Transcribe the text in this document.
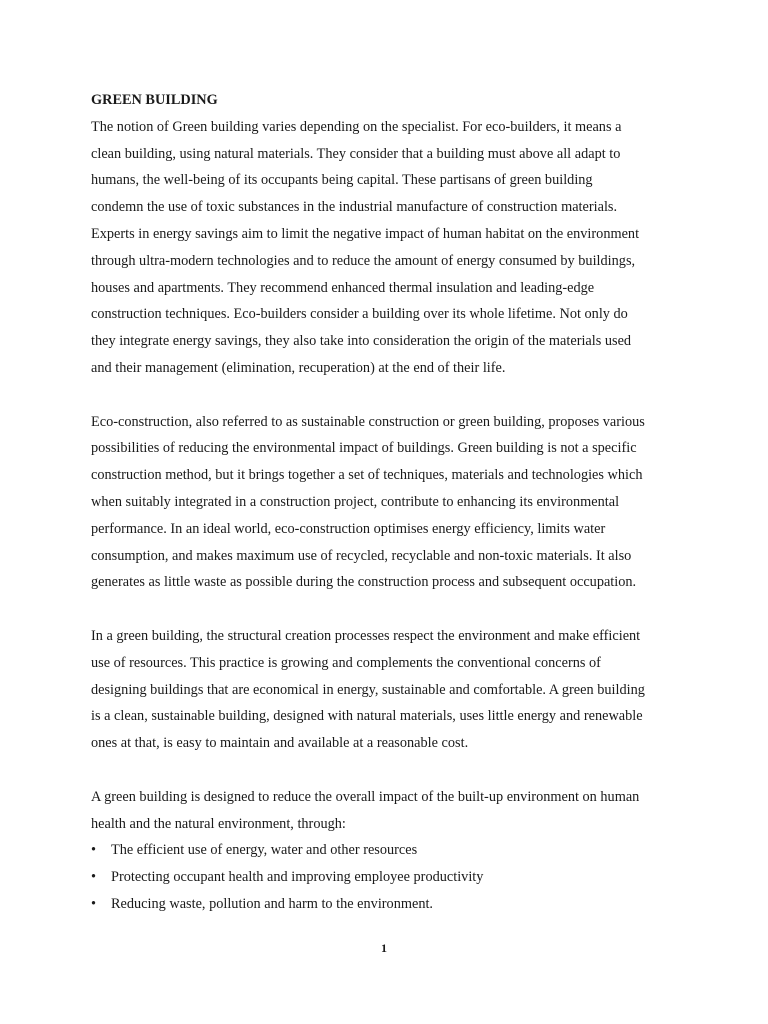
GREEN BUILDING
The notion of Green building varies depending on the specialist. For eco-builders, it means a
clean building, using natural materials. They consider that a building must above all adapt to
humans, the well-being of its occupants being capital. These partisans of green building
condemn the use of toxic substances in the industrial manufacture of construction materials.
Experts in energy savings aim to limit the negative impact of human habitat on the environment
through ultra-modern technologies and to reduce the amount of energy consumed by buildings,
houses and apartments. They recommend enhanced thermal insulation and leading-edge
construction techniques. Eco-builders consider a building over its whole lifetime. Not only do
they integrate energy savings, they also take into consideration the origin of the materials used
and their management (elimination, recuperation) at the end of their life.
Eco-construction, also referred to as sustainable construction or green building, proposes various
possibilities of reducing the environmental impact of buildings. Green building is not a specific
construction method, but it brings together a set of techniques, materials and technologies which
when suitably integrated in a construction project, contribute to enhancing its environmental
performance. In an ideal world, eco-construction optimises energy efficiency, limits water
consumption, and makes maximum use of recycled, recyclable and non-toxic materials. It also
generates as little waste as possible during the construction process and subsequent occupation.
In a green building, the structural creation processes respect the environment and make efficient
use of resources. This practice is growing and complements the conventional concerns of
designing buildings that are economical in energy, sustainable and comfortable. A green building
is a clean, sustainable building, designed with natural materials, uses little energy and renewable
ones at that, is easy to maintain and available at a reasonable cost.
A green building is designed to reduce the overall impact of the built-up environment on human
health and the natural environment, through:
• The efficient use of energy, water and other resources
• Protecting occupant health and improving employee productivity
• Reducing waste, pollution and harm to the environment.
1
